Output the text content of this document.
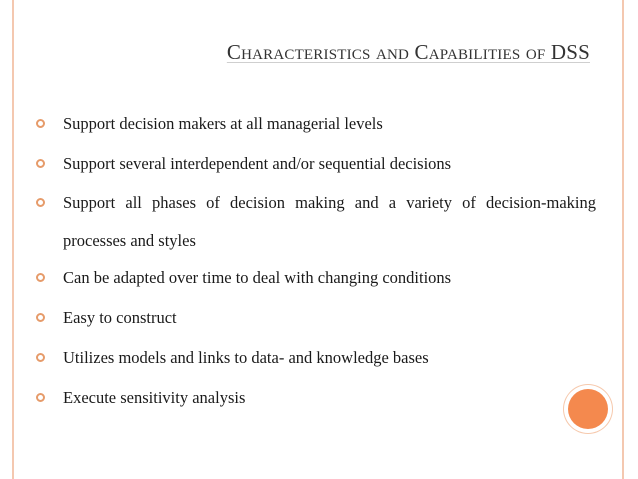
Characteristics and Capabilities of DSS
Support decision makers at all managerial levels
Support several interdependent and/or sequential decisions
Support all phases of decision making and a variety of decision-making processes and styles
Can be adapted over time to deal with changing conditions
Easy to construct
Utilizes models and links to data- and knowledge bases
Execute sensitivity analysis
